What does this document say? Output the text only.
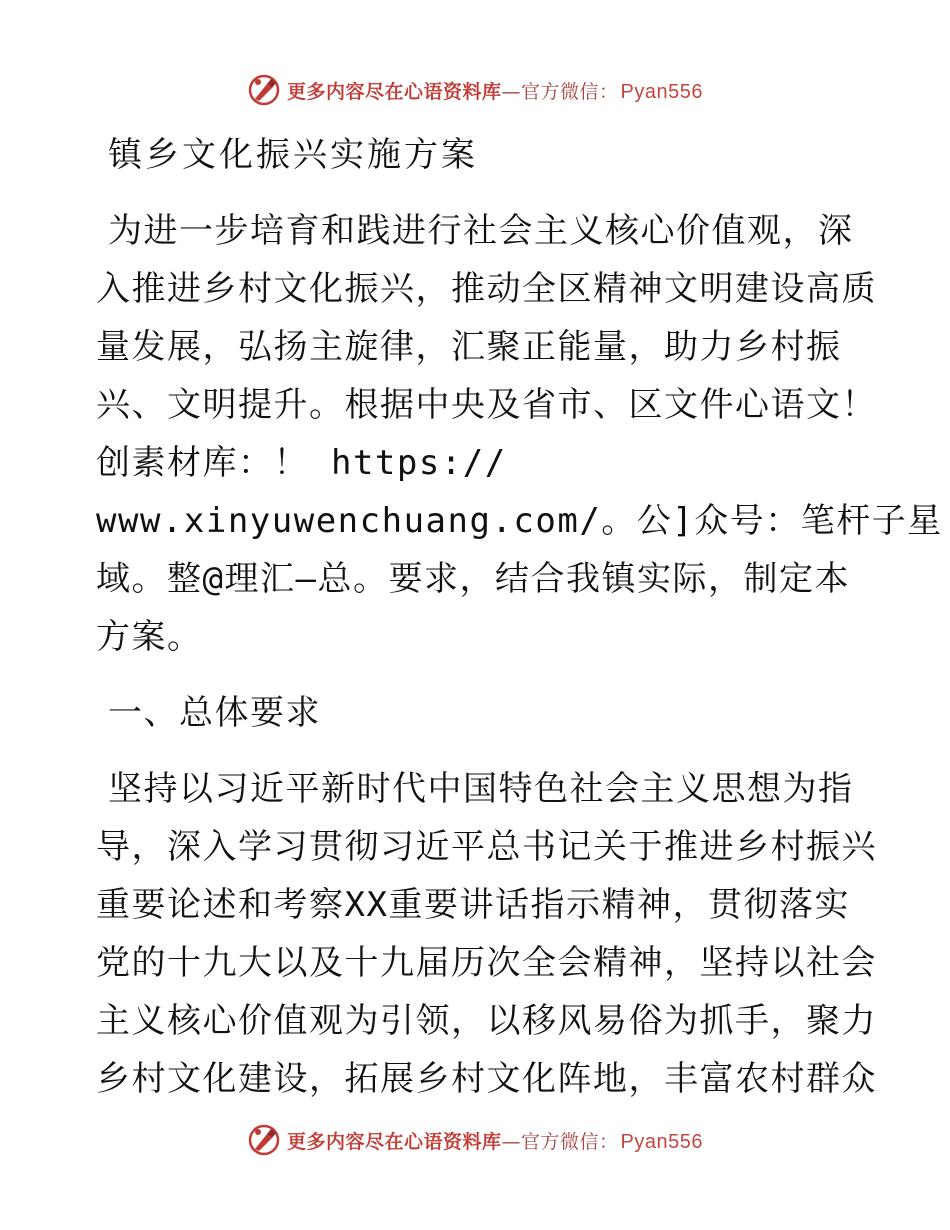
更多内容尽在心语资料库—官方微信： Pyan556
镇乡文化振兴实施方案
为进一步培育和践进行社会主义核心价值观，深
入推进乡村文化振兴，推动全区精神文明建设高质
量发展，弘扬主旋律，汇聚正能量，助力乡村振
兴、文明提升。根据中央及省市、区文件心语文！
创素材库：！ https://
www.xinyuwenchuang.com/。公]众号：笔杆子星
域。整@理汇—总。要求，结合我镇实际，制定本
方案。
一、总体要求
坚持以习近平新时代中国特色社会主义思想为指
导，深入学习贯彻习近平总书记关于推进乡村振兴
重要论述和考察XX重要讲话指示精神，贯彻落实
党的十九大以及十九届历次全会精神，坚持以社会
主义核心价值观为引领，以移风易俗为抓手，聚力
乡村文化建设，拓展乡村文化阵地，丰富农村群众
更多内容尽在心语资料库—官方微信： Pyan556
